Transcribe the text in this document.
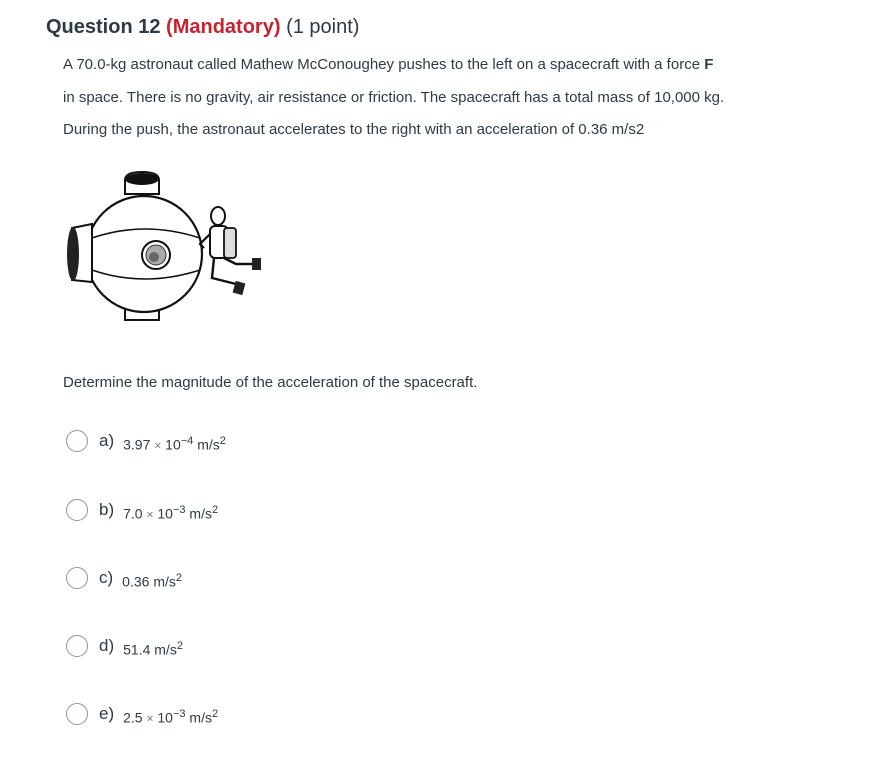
Question 12 (Mandatory) (1 point)
A 70.0-kg astronaut called Mathew McConoughey pushes to the left on a spacecraft with a force F
in space. There is no gravity, air resistance or friction. The spacecraft has a total mass of 10,000 kg.
During the push, the astronaut accelerates to the right with an acceleration of 0.36 m/s2
Determine the magnitude of the acceleration of the spacecraft.
a) $3.97 \times 10^{-4}$ $m/s^2$
b) $7.0 \times 10^{-3}$ $m/s^2$
c) 0.36 $m/s^2$
d) 51.4 $m/s^2$
e) $2.5 \times 10^{-3}$ $m/s^2$
